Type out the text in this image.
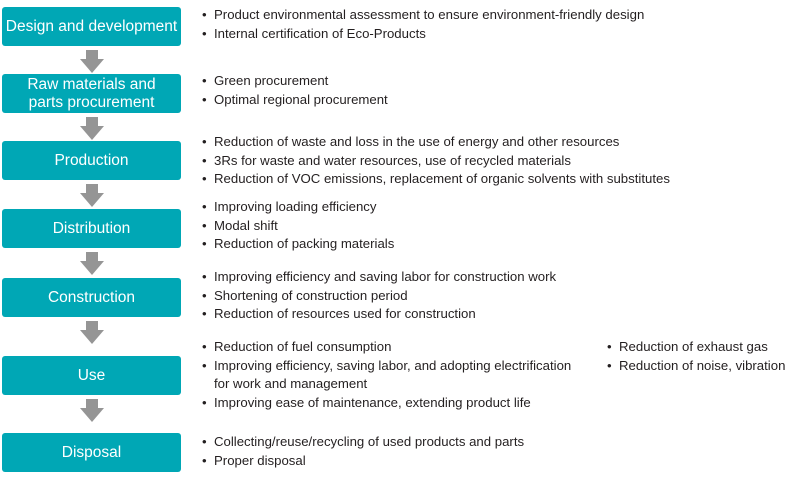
Design and development
• Product environmental assessment to ensure environment-friendly design
• Internal certification of Eco-Products
Raw materials and parts procurement
• Green procurement
• Optimal regional procurement
Production
• Reduction of waste and loss in the use of energy and other resources
• 3Rs for waste and water resources, use of recycled materials
• Reduction of VOC emissions, replacement of organic solvents with substitutes
Distribution
• Improving loading efficiency
• Modal shift
• Reduction of packing materials
Construction
• Improving efficiency and saving labor for construction work
• Shortening of construction period
• Reduction of resources used for construction
Use
• Reduction of fuel consumption
• Improving efficiency, saving labor, and adopting electrification for work and management
• Improving ease of maintenance, extending product life
• Reduction of exhaust gas
• Reduction of noise, vibration
Disposal
• Collecting/reuse/recycling of used products and parts
• Proper disposal
